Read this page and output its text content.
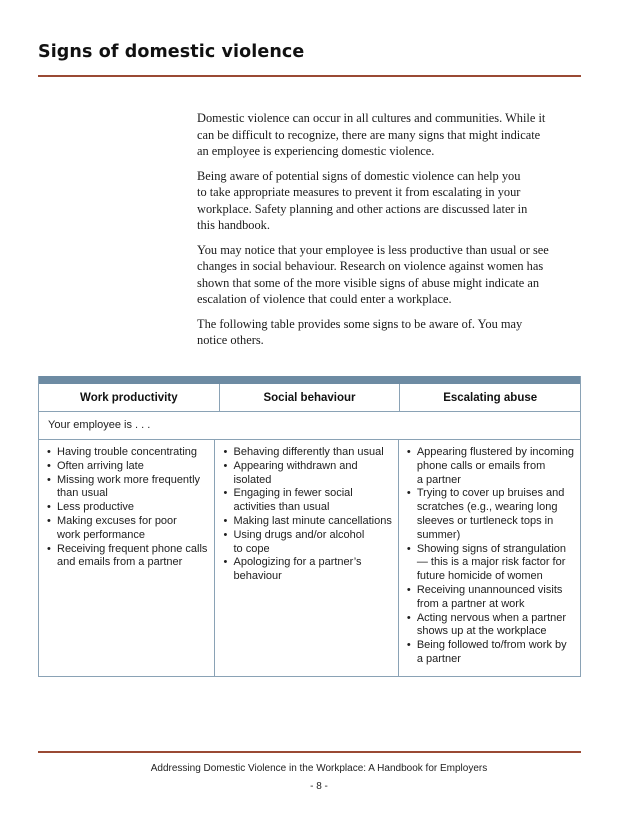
Signs of domestic violence

Domestic violence can occur in all cultures and communities. While it
can be difficult to recognize, there are many signs that might indicate
an employee is experiencing domestic violence.

Being aware of potential signs of domestic violence can help you
to take appropriate measures to prevent it from escalating in your
workplace. Safety planning and other actions are discussed later in
this handbook.

You may notice that your employee is less productive than usual or see
changes in social behaviour. Research on violence against women has
shown that some of the more visible signs of abuse might indicate an
escalation of violence that could enter a workplace.

The following table provides some signs to be aware of. You may
notice others.

Work productivity	Social behaviour	Escalating abuse
Your employee is . . .
• Having trouble concentrating
• Often arriving late
• Missing work more frequently
than usual
• Less productive
• Making excuses for poor
work performance
• Receiving frequent phone calls
and emails from a partner
• Behaving differently than usual
• Appearing withdrawn and
isolated
• Engaging in fewer social
activities than usual
• Making last minute cancellations
• Using drugs and/or alcohol
to cope
• Apologizing for a partner’s
behaviour
• Appearing flustered by incoming
phone calls or emails from
a partner
• Trying to cover up bruises and
scratches (e.g., wearing long
sleeves or turtleneck tops in
summer)
• Showing signs of strangulation
— this is a major risk factor for
future homicide of women
• Receiving unannounced visits
from a partner at work
• Acting nervous when a partner
shows up at the workplace
• Being followed to/from work by
a partner
Addressing Domestic Violence in the Workplace: A Handbook for Employers
- 8 -
